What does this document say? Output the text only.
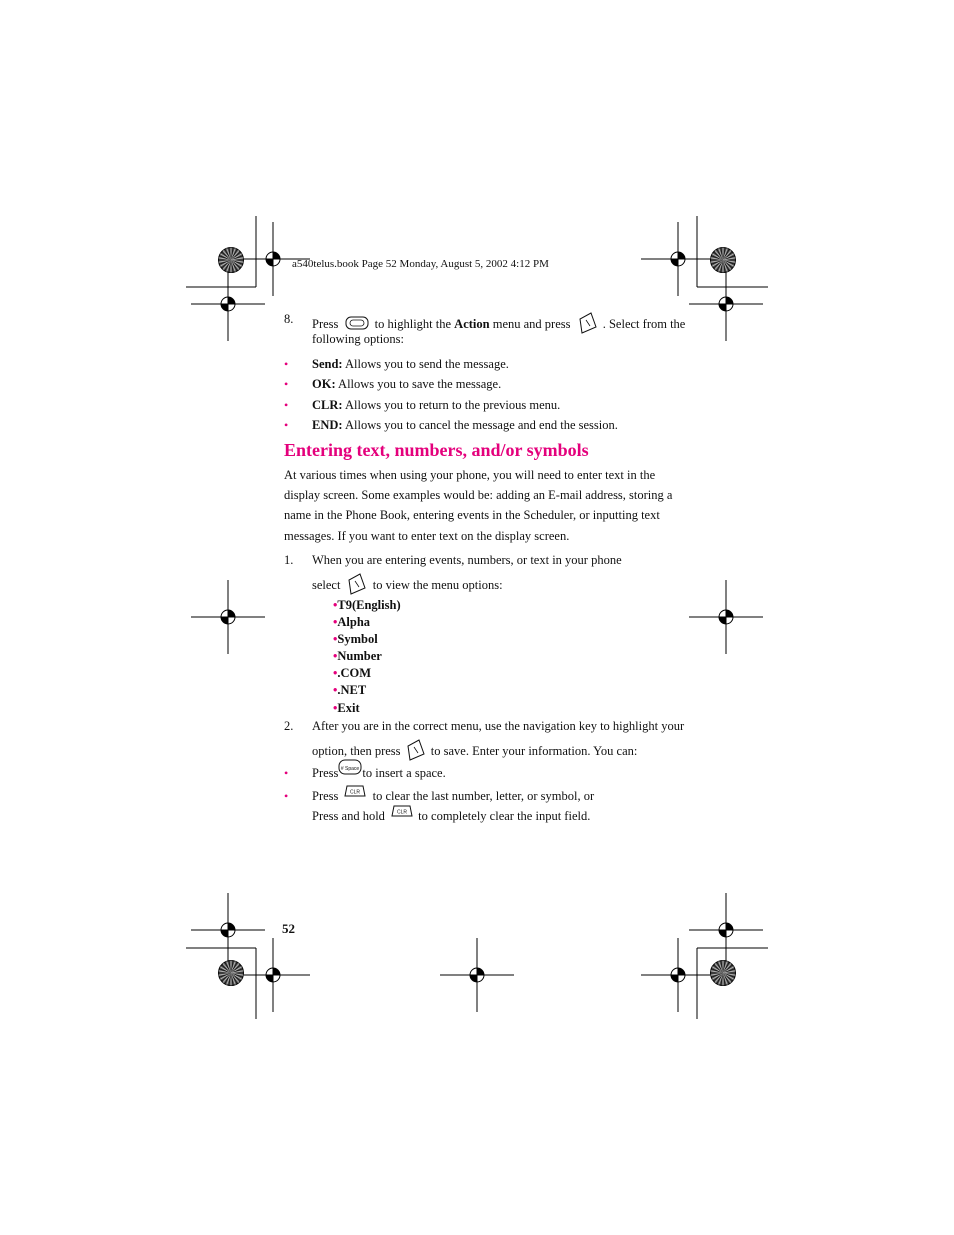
a540telus.book Page 52 Monday, August 5, 2002 4:12 PM
8. Press	to highlight the Action menu and press	. Select from the
following options:
• Send: Allows you to send the message.
• OK: Allows you to save the message.
• CLR: Allows you to return to the previous menu.
• END: Allows you to cancel the message and end the session.
Entering text, numbers, and/or symbols
At various times when using your phone, you will need to enter text in the
display screen. Some examples would be: adding an E-mail address, storing a
name in the Phone Book, entering events in the Scheduler, or inputting text
messages. If you want to enter text on the display screen.
1. When you are entering events, numbers, or text in your phone
select	to view the menu options:
•T9(English)
•Alpha
•Symbol
•Number
•.COM
•.NET
•Exit
2. After you are in the correct menu, use the navigation key to highlight your
option, then press to save. Enter your information. You can:
• Press # Space to insert a space.
• Press CLR to clear the last number, letter, or symbol, or
Press and hold CLR to completely clear the input field.
52
